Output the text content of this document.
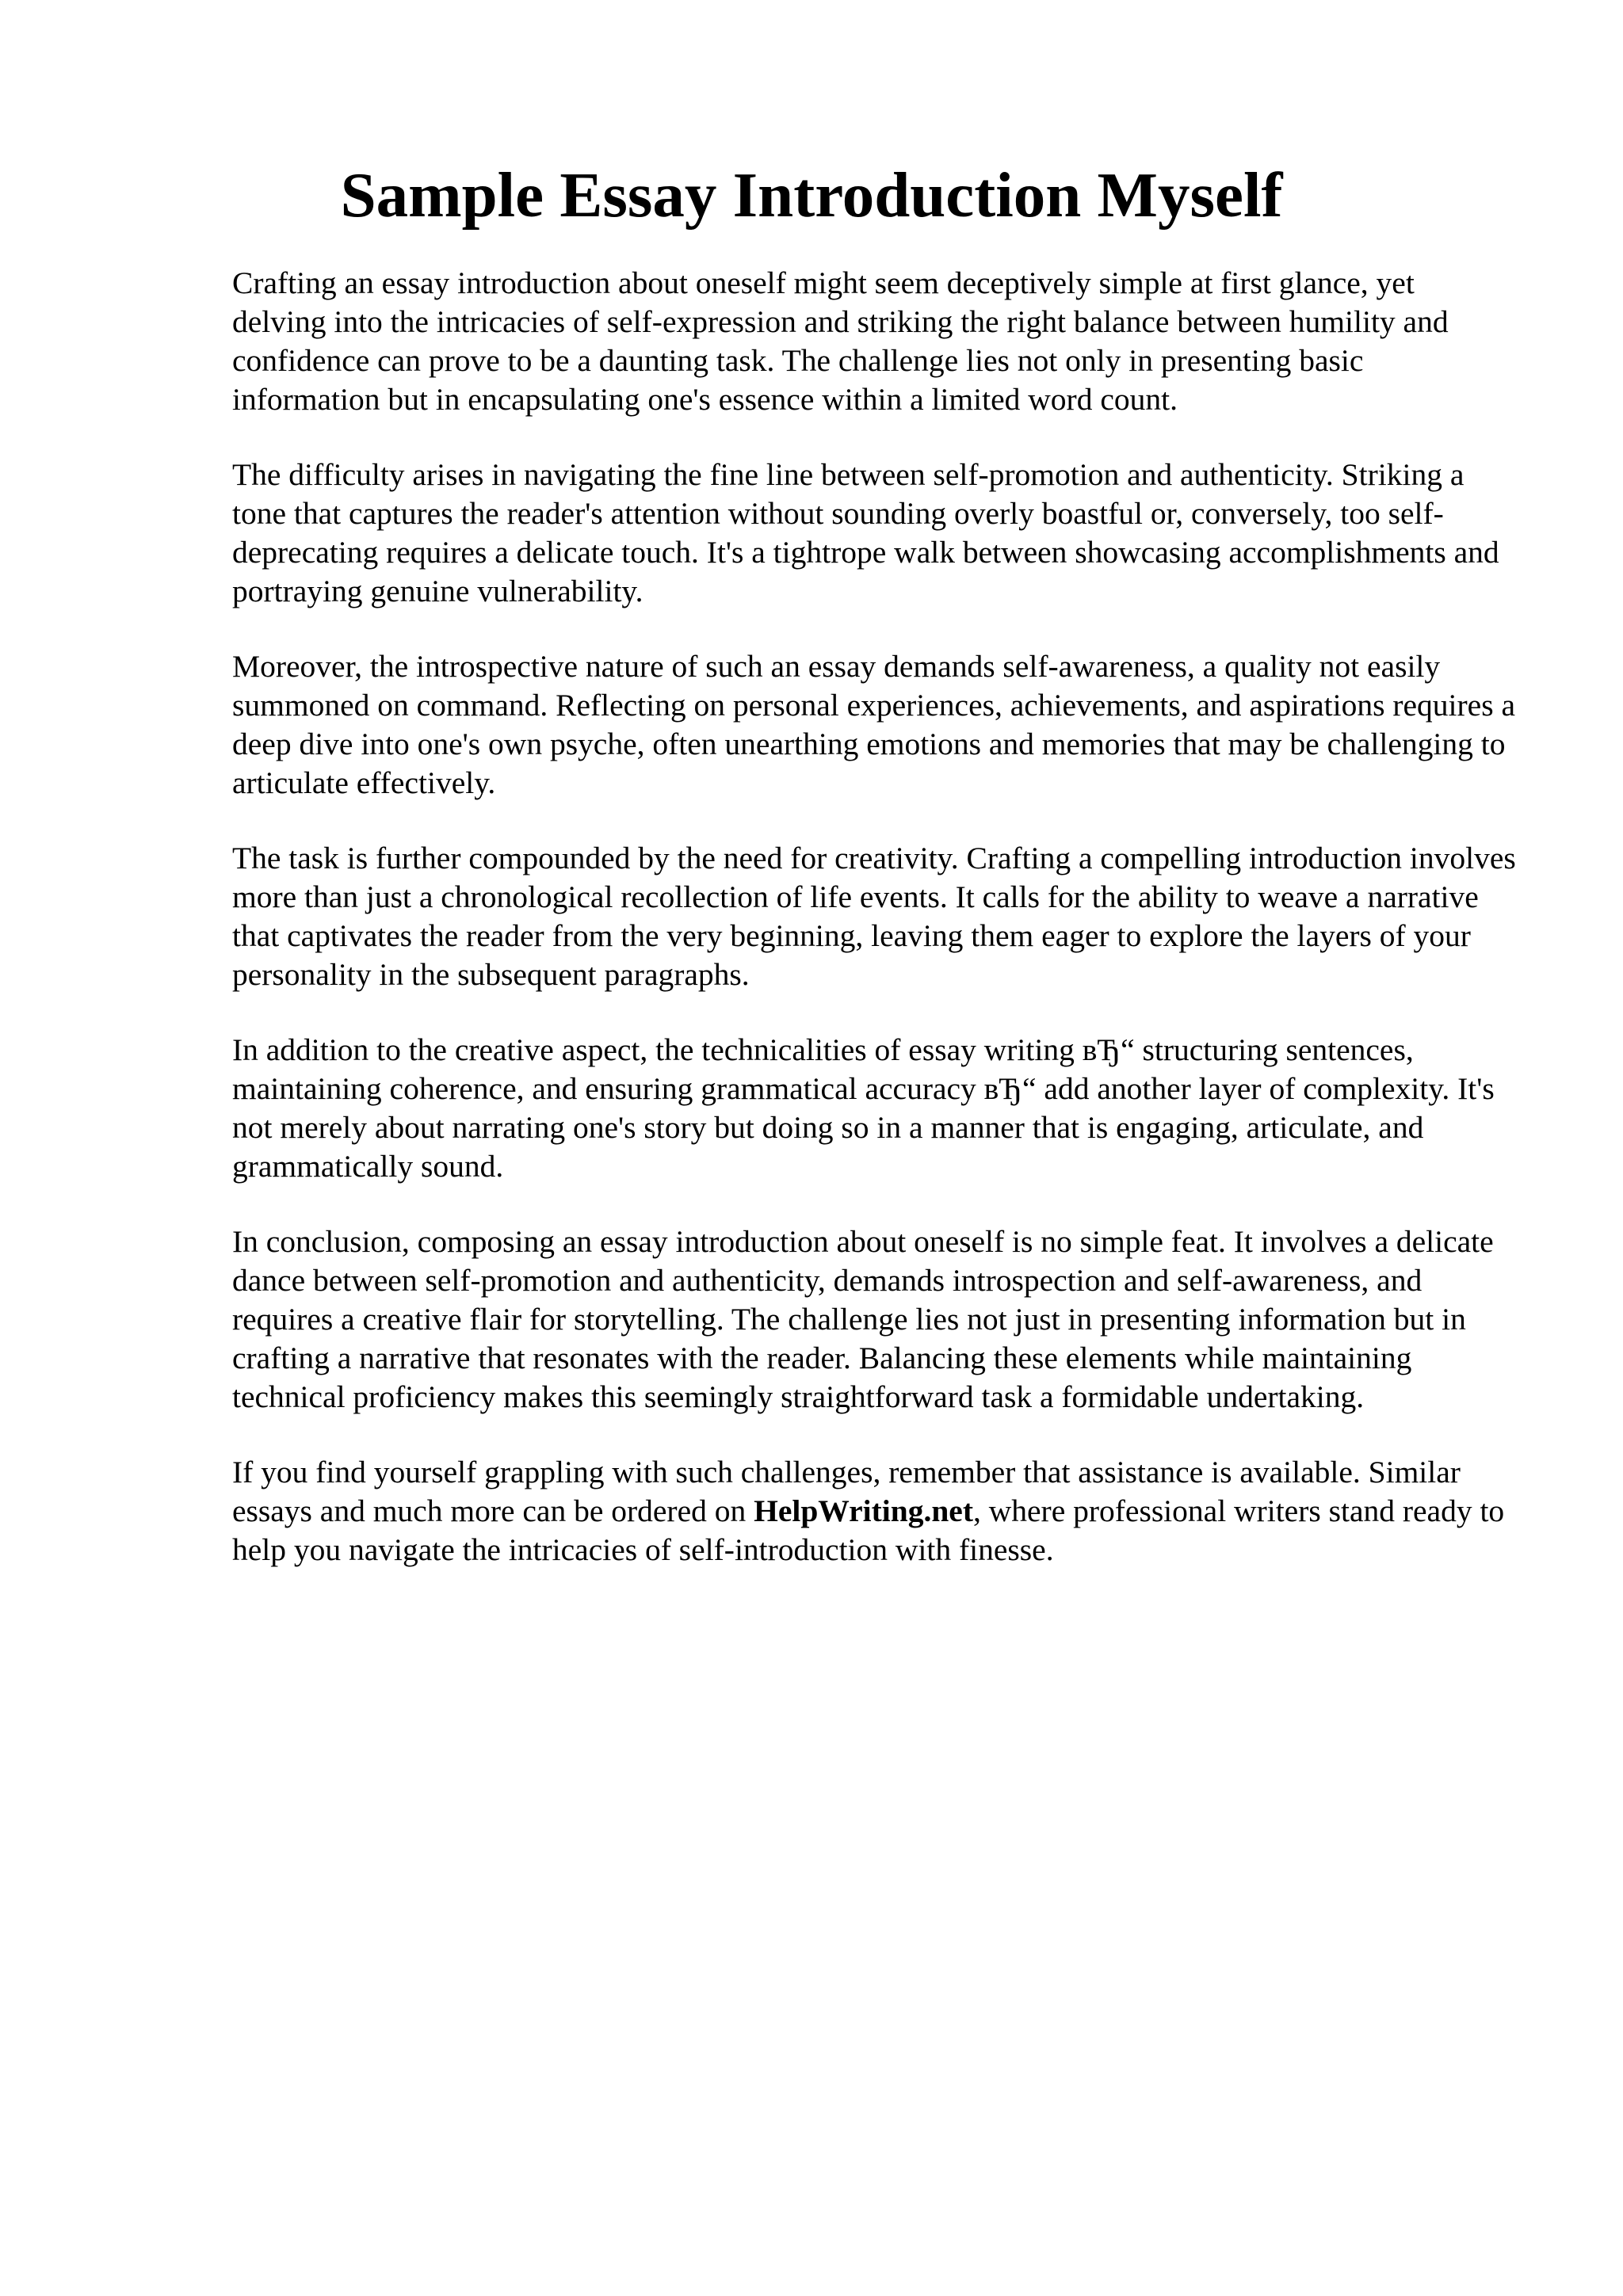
Sample Essay Introduction Myself

Crafting an essay introduction about oneself might seem deceptively simple at first glance, yet delving into the intricacies of self-expression and striking the right balance between humility and confidence can prove to be a daunting task. The challenge lies not only in presenting basic information but in encapsulating one's essence within a limited word count.

The difficulty arises in navigating the fine line between self-promotion and authenticity. Striking a tone that captures the reader's attention without sounding overly boastful or, conversely, too self-deprecating requires a delicate touch. It's a tightrope walk between showcasing accomplishments and portraying genuine vulnerability.

Moreover, the introspective nature of such an essay demands self-awareness, a quality not easily summoned on command. Reflecting on personal experiences, achievements, and aspirations requires a deep dive into one's own psyche, often unearthing emotions and memories that may be challenging to articulate effectively.

The task is further compounded by the need for creativity. Crafting a compelling introduction involves more than just a chronological recollection of life events. It calls for the ability to weave a narrative that captivates the reader from the very beginning, leaving them eager to explore the layers of your personality in the subsequent paragraphs.

In addition to the creative aspect, the technicalities of essay writing вЂ“ structuring sentences, maintaining coherence, and ensuring grammatical accuracy вЂ“ add another layer of complexity. It's not merely about narrating one's story but doing so in a manner that is engaging, articulate, and grammatically sound.

In conclusion, composing an essay introduction about oneself is no simple feat. It involves a delicate dance between self-promotion and authenticity, demands introspection and self-awareness, and requires a creative flair for storytelling. The challenge lies not just in presenting information but in crafting a narrative that resonates with the reader. Balancing these elements while maintaining technical proficiency makes this seemingly straightforward task a formidable undertaking.

If you find yourself grappling with such challenges, remember that assistance is available. Similar essays and much more can be ordered on HelpWriting.net, where professional writers stand ready to help you navigate the intricacies of self-introduction with finesse.
